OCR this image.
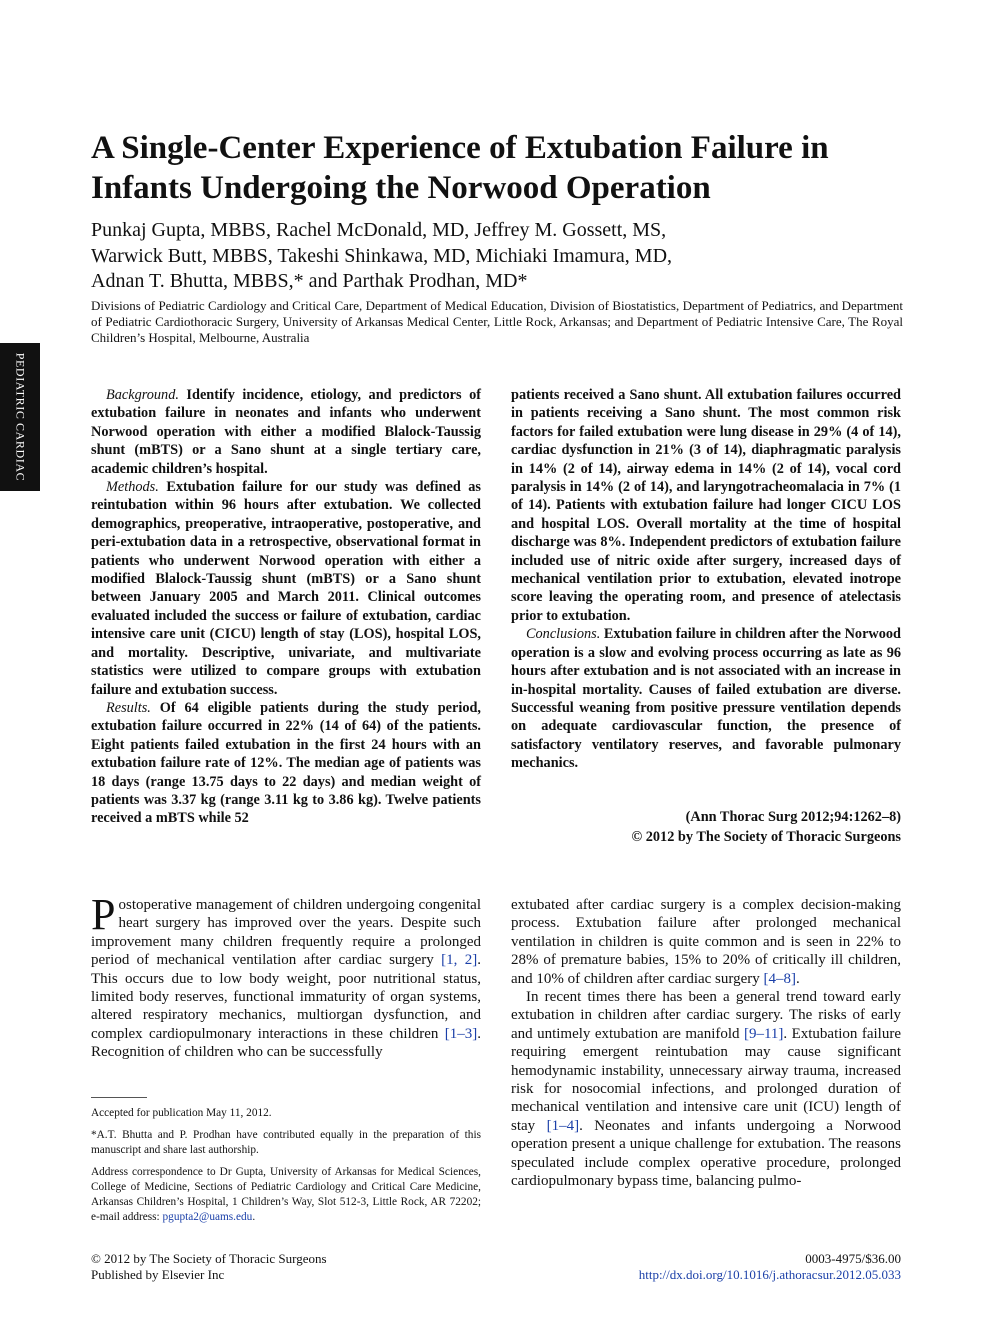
PEDIATRIC CARDIAC
A Single-Center Experience of Extubation Failure in Infants Undergoing the Norwood Operation
Punkaj Gupta, MBBS, Rachel McDonald, MD, Jeffrey M. Gossett, MS,
Warwick Butt, MBBS, Takeshi Shinkawa, MD, Michiaki Imamura, MD,
Adnan T. Bhutta, MBBS,* and Parthak Prodhan, MD*
Divisions of Pediatric Cardiology and Critical Care, Department of Medical Education, Division of Biostatistics, Department of Pediatrics, and Department of Pediatric Cardiothoracic Surgery, University of Arkansas Medical Center, Little Rock, Arkansas; and Department of Pediatric Intensive Care, The Royal Children’s Hospital, Melbourne, Australia

Background. Identify incidence, etiology, and predictors of extubation failure in neonates and infants who underwent Norwood operation with either a modified Blalock-Taussig shunt (mBTS) or a Sano shunt at a single tertiary care, academic children’s hospital.

Methods. Extubation failure for our study was defined as reintubation within 96 hours after extubation. We collected demographics, preoperative, intraoperative, postoperative, and peri-extubation data in a retrospective, observational format in patients who underwent Norwood operation with either a modified Blalock-Taussig shunt (mBTS) or a Sano shunt between January 2005 and March 2011. Clinical outcomes evaluated included the success or failure of extubation, cardiac intensive care unit (CICU) length of stay (LOS), hospital LOS, and mortality. Descriptive, univariate, and multivariate statistics were utilized to compare groups with extubation failure and extubation success.

Results. Of 64 eligible patients during the study period, extubation failure occurred in 22% (14 of 64) of the patients. Eight patients failed extubation in the first 24 hours with an extubation failure rate of 12%. The median age of patients was 18 days (range 13.75 days to 22 days) and median weight of patients was 3.37 kg (range 3.11 kg to 3.86 kg). Twelve patients received a mBTS while 52

patients received a Sano shunt. All extubation failures occurred in patients receiving a Sano shunt. The most common risk factors for failed extubation were lung disease in 29% (4 of 14), cardiac dysfunction in 21% (3 of 14), diaphragmatic paralysis in 14% (2 of 14), airway edema in 14% (2 of 14), vocal cord paralysis in 14% (2 of 14), and laryngotracheomalacia in 7% (1 of 14). Patients with extubation failure had longer CICU LOS and hospital LOS. Overall mortality at the time of hospital discharge was 8%. Independent predictors of extubation failure included use of nitric oxide after surgery, increased days of mechanical ventilation prior to extubation, elevated inotrope score leaving the operating room, and presence of atelectasis prior to extubation.

Conclusions. Extubation failure in children after the Norwood operation is a slow and evolving process occurring as late as 96 hours after extubation and is not associated with an increase in in-hospital mortality. Causes of failed extubation are diverse. Successful weaning from positive pressure ventilation depends on adequate cardiovascular function, the presence of satisfactory ventilatory reserves, and favorable pulmonary mechanics.

(Ann Thorac Surg 2012;94:1262–8)
© 2012 by The Society of Thoracic Surgeons

Postoperative management of children undergoing congenital heart surgery has improved over the years. Despite such improvement many children frequently require a prolonged period of mechanical ventilation after cardiac surgery [1, 2]. This occurs due to low body weight, poor nutritional status, limited body reserves, functional immaturity of organ systems, altered respiratory mechanics, multiorgan dysfunction, and complex cardiopulmonary interactions in these children [1–3]. Recognition of children who can be successfully

Accepted for publication May 11, 2012.

*A.T. Bhutta and P. Prodhan have contributed equally in the preparation of this manuscript and share last authorship.

Address correspondence to Dr Gupta, University of Arkansas for Medical Sciences, College of Medicine, Sections of Pediatric Cardiology and Critical Care Medicine, Arkansas Children’s Hospital, 1 Children’s Way, Slot 512-3, Little Rock, AR 72202; e-mail address: pgupta2@uams.edu.

extubated after cardiac surgery is a complex decision-making process. Extubation failure after prolonged mechanical ventilation in children is quite common and is seen in 22% to 28% of premature babies, 15% to 20% of critically ill children, and 10% of children after cardiac surgery [4–8].

In recent times there has been a general trend toward early extubation in children after cardiac surgery. The risks of early and untimely extubation are manifold [9–11]. Extubation failure requiring emergent reintubation may cause significant hemodynamic instability, unnecessary airway trauma, increased risk for nosocomial infections, and prolonged duration of mechanical ventilation and intensive care unit (ICU) length of stay [1–4]. Neonates and infants undergoing a Norwood operation present a unique challenge for extubation. The reasons speculated include complex operative procedure, prolonged cardiopulmonary bypass time, balancing pulmo-

© 2012 by The Society of Thoracic Surgeons
Published by Elsevier Inc
0003-4975/$36.00
http://dx.doi.org/10.1016/j.athoracsur.2012.05.033
